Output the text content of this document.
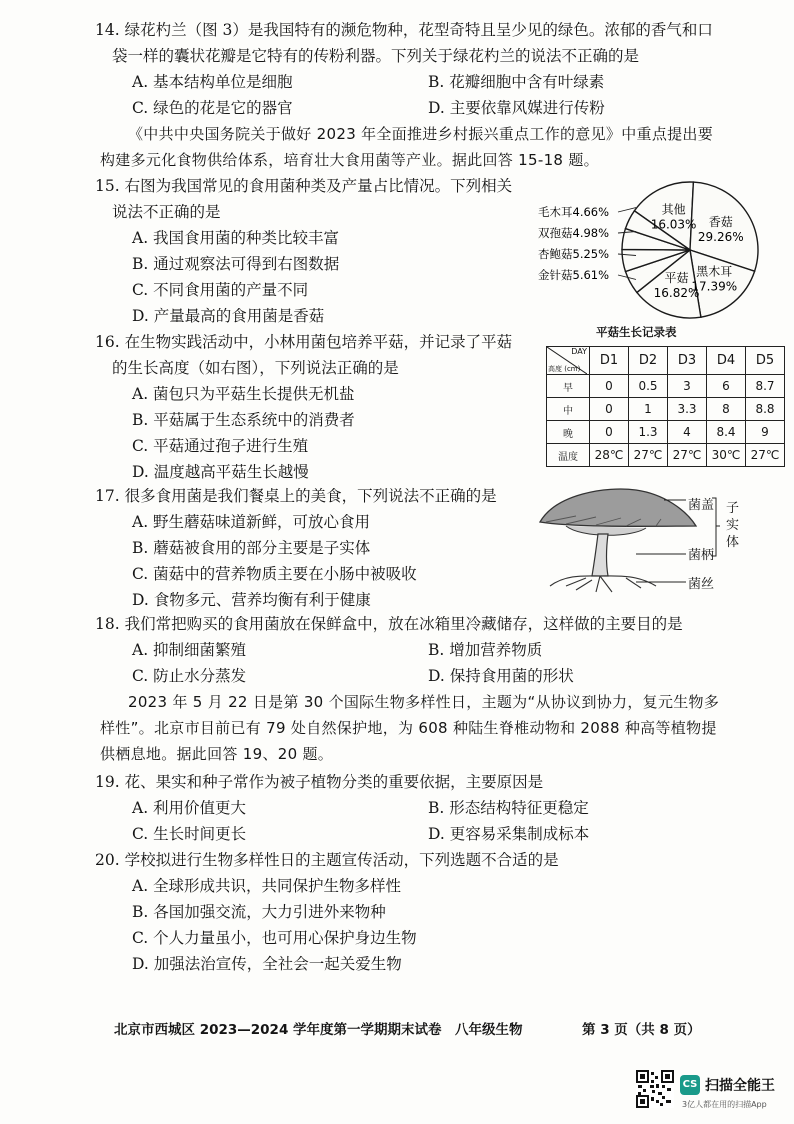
14. 绿花杓兰（图 3）是我国特有的濒危物种，花型奇特且呈少见的绿色。浓郁的香气和口
袋一样的囊状花瓣是它特有的传粉利器。下列关于绿花杓兰的说法不正确的是
A. 基本结构单位是细胞	B. 花瓣细胞中含有叶绿素
C. 绿色的花是它的器官	D. 主要依靠风媒进行传粉
《中共中央国务院关于做好 2023 年全面推进乡村振兴重点工作的意见》中重点提出要
构建多元化食物供给体系，培育壮大食用菌等产业。据此回答 15-18 题。
15. 右图为我国常见的食用菌种类及产量占比情况。下列相关
说法不正确的是
A. 我国食用菌的种类比较丰富
B. 通过观察法可得到右图数据
C. 不同食用菌的产量不同
D. 产量最高的食用菌是香菇
其他
16.03% 香菇
29.26%
黑木耳
17.39%
平菇
16.82%
毛木耳4.66%
双孢菇4.98%
杏鲍菇5.25%
金针菇5.61%
16. 在生物实践活动中，小林用菌包培养平菇，并记录了平菇
的生长高度（如右图），下列说法正确的是
A. 菌包只为平菇生长提供无机盐
B. 平菇属于生态系统中的消费者
C. 平菇通过孢子进行生殖
D. 温度越高平菇生长越慢
平菇生长记录表
DAY
高度 (cm)	D1	D2	D3	D4	D5
早	0	0.5	3	6	8.7
中	0	1	3.3	8	8.8
晚	0	1.3	4	8.4	9
温度	28℃	27℃	27℃	30℃	27℃
17. 很多食用菌是我们餐桌上的美食，下列说法不正确的是
A. 野生蘑菇味道新鲜，可放心食用
B. 蘑菇被食用的部分主要是子实体
C. 菌菇中的营养物质主要在小肠中被吸收
D. 食物多元、营养均衡有利于健康
菌盖
菌柄
菌丝
子实体
18. 我们常把购买的食用菌放在保鲜盒中，放在冰箱里冷藏储存，这样做的主要目的是
A. 抑制细菌繁殖	B. 增加营养物质
C. 防止水分蒸发	D. 保持食用菌的形状
2023 年 5 月 22 日是第 30 个国际生物多样性日，主题为“从协议到协力，复元生物多
样性”。北京市目前已有 79 处自然保护地，为 608 种陆生脊椎动物和 2088 种高等植物提
供栖息地。据此回答 19、20 题。
19. 花、果实和种子常作为被子植物分类的重要依据，主要原因是
A. 利用价值更大	B. 形态结构特征更稳定
C. 生长时间更长	D. 更容易采集制成标本
20. 学校拟进行生物多样性日的主题宣传活动，下列选题不合适的是
A. 全球形成共识，共同保护生物多样性
B. 各国加强交流，大力引进外来物种
C. 个人力量虽小，也可用心保护身边生物
D. 加强法治宣传，全社会一起关爱生物
北京市西城区 2023—2024 学年度第一学期期末试卷　八年级生物	第 3 页（共 8 页）
CS 扫描全能王
3亿人都在用的扫描App
